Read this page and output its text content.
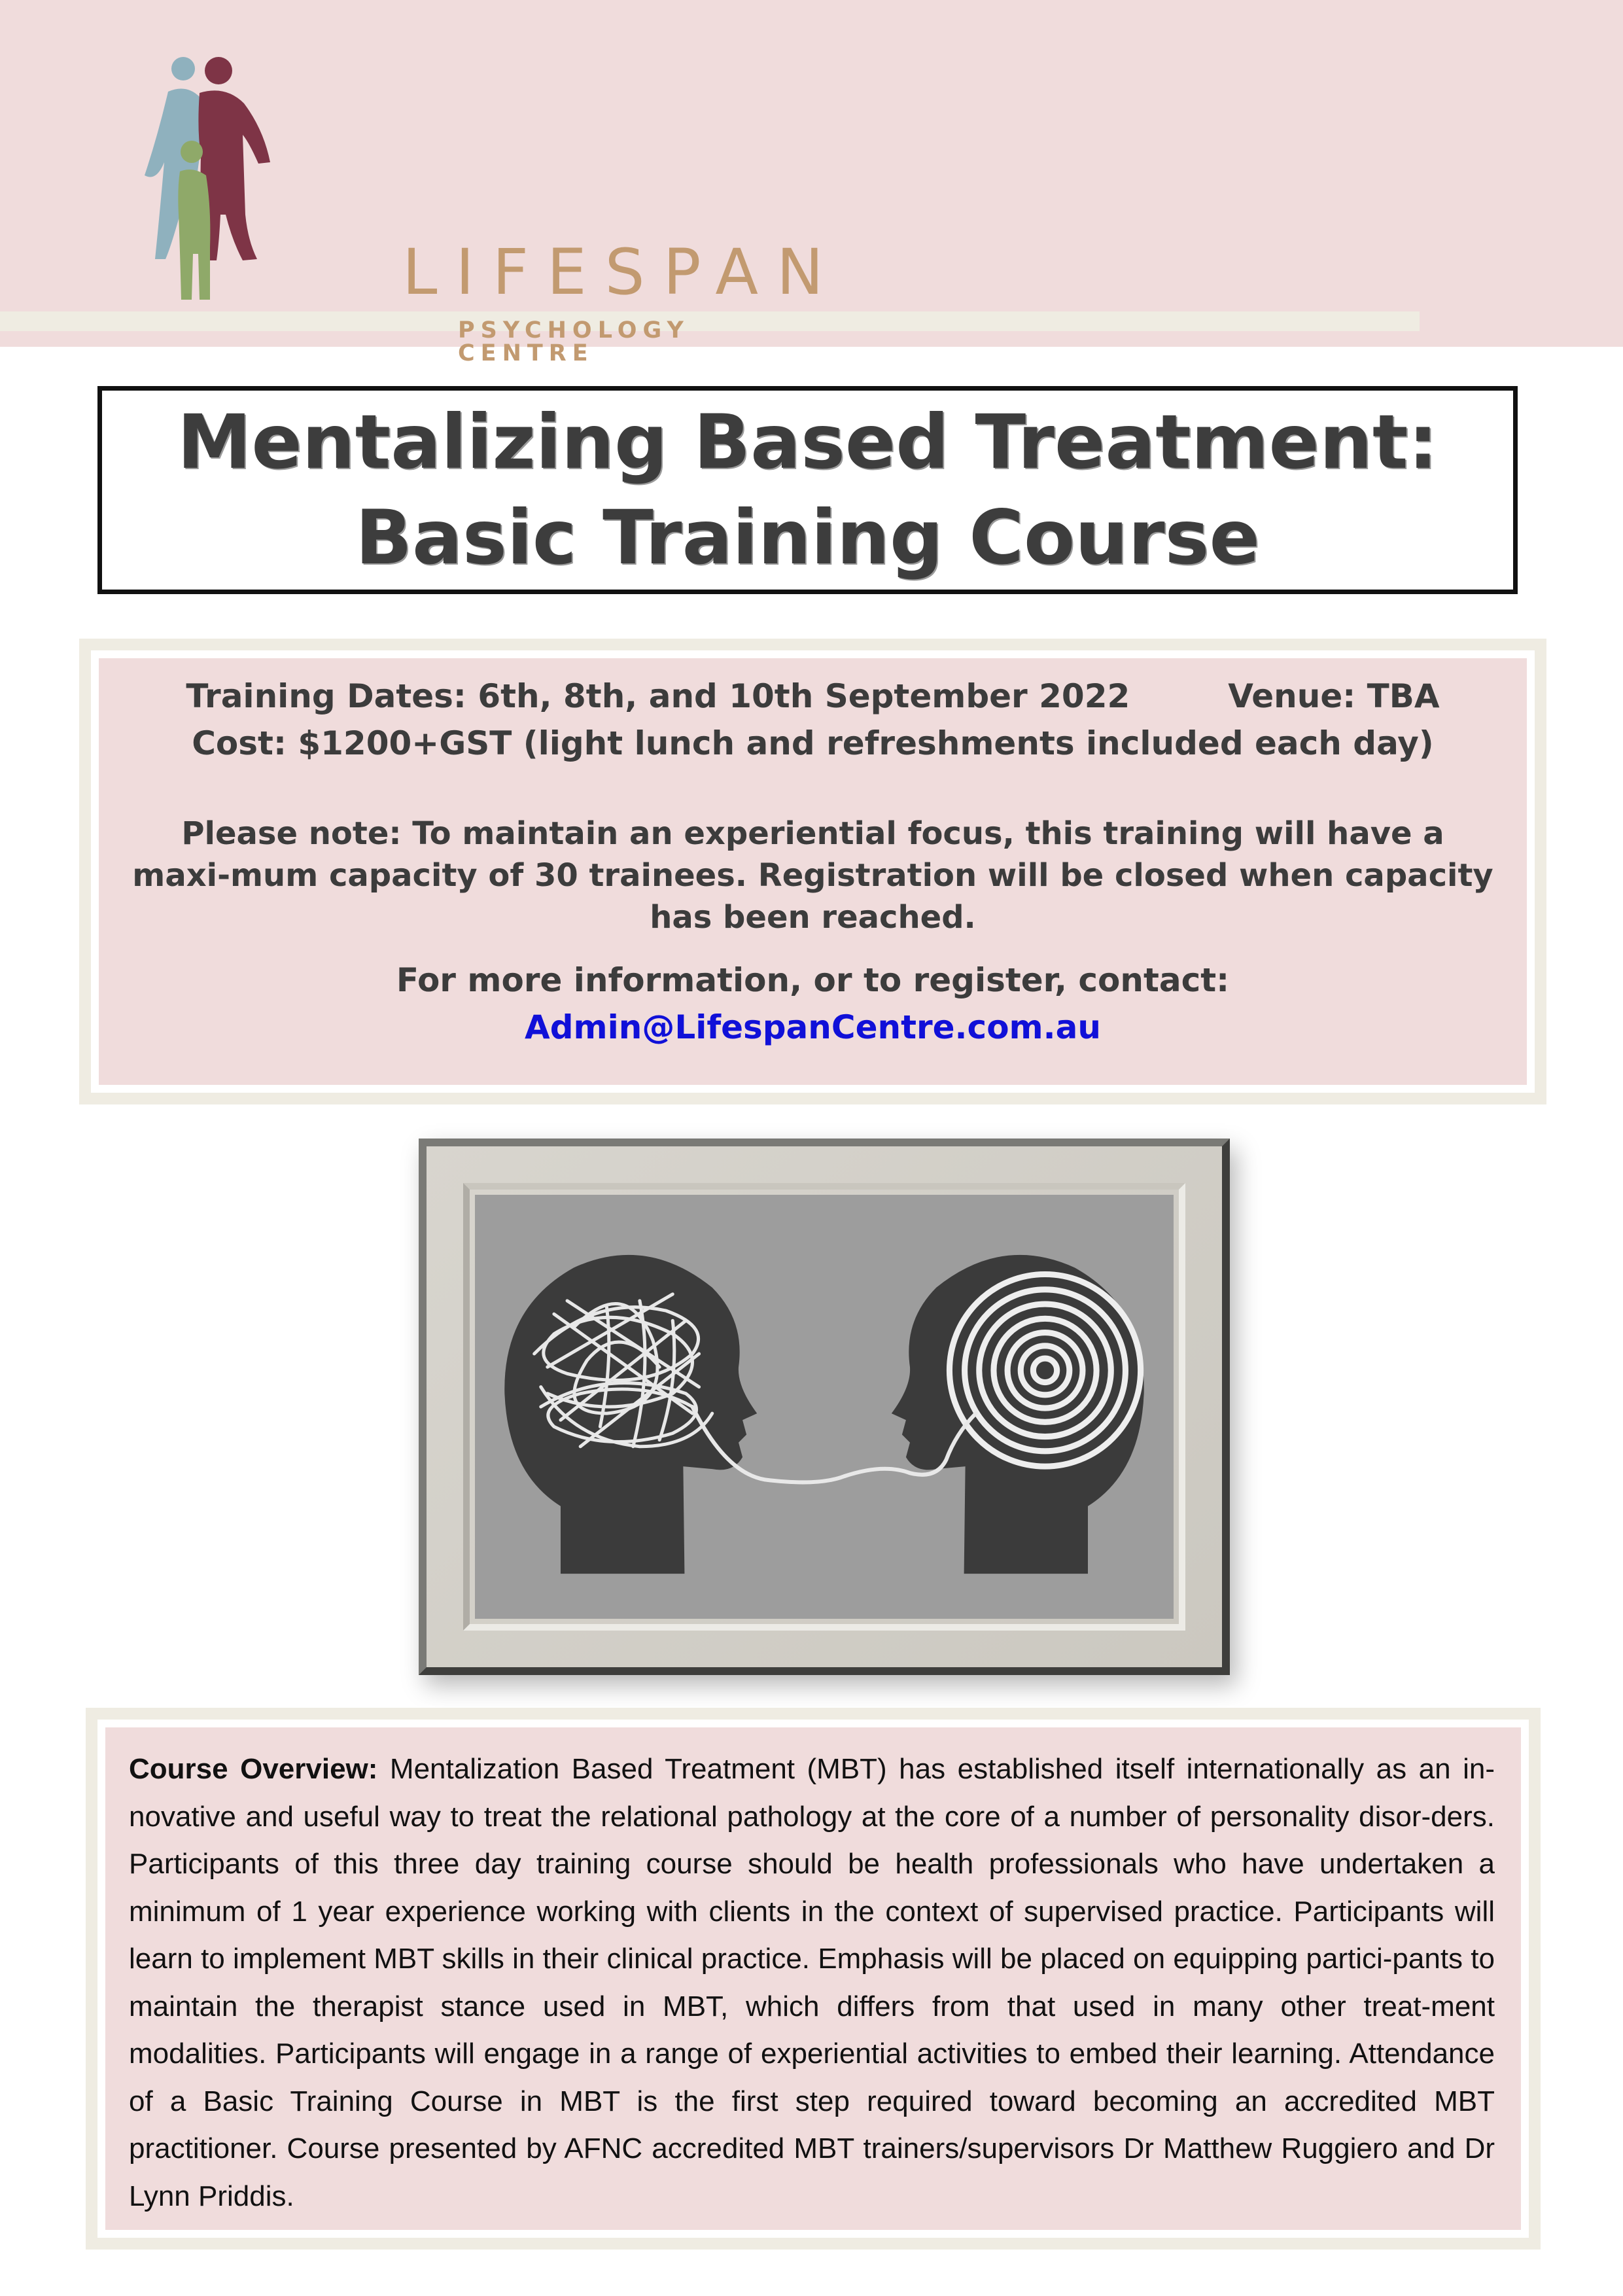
LIFESPAN
PSYCHOLOGY CENTRE
Mentalizing Based Treatment:
Basic Training Course
Training Dates: 6th, 8th, and 10th September 2022	Venue: TBA
Cost: $1200+GST (light lunch and refreshments included each day)
Please note: To maintain an experiential focus, this training will have a maxi-mum capacity of 30 trainees. Registration will be closed when capacity has been reached.
For more information, or to register, contact: Admin@LifespanCentre.com.au
Course Overview: Mentalization Based Treatment (MBT) has established itself internationally as an in-novative and useful way to treat the relational pathology at the core of a number of personality disor-ders. Participants of this three day training course should be health professionals who have undertaken a minimum of 1 year experience working with clients in the context of supervised practice. Participants will learn to implement MBT skills in their clinical practice. Emphasis will be placed on equipping partici-pants to maintain the therapist stance used in MBT, which differs from that used in many other treat-ment modalities. Participants will engage in a range of experiential activities to embed their learning. Attendance of a Basic Training Course in MBT is the first step required toward becoming an accredited MBT practitioner. Course presented by AFNC accredited MBT trainers/supervisors Dr Matthew Ruggiero and Dr Lynn Priddis.
